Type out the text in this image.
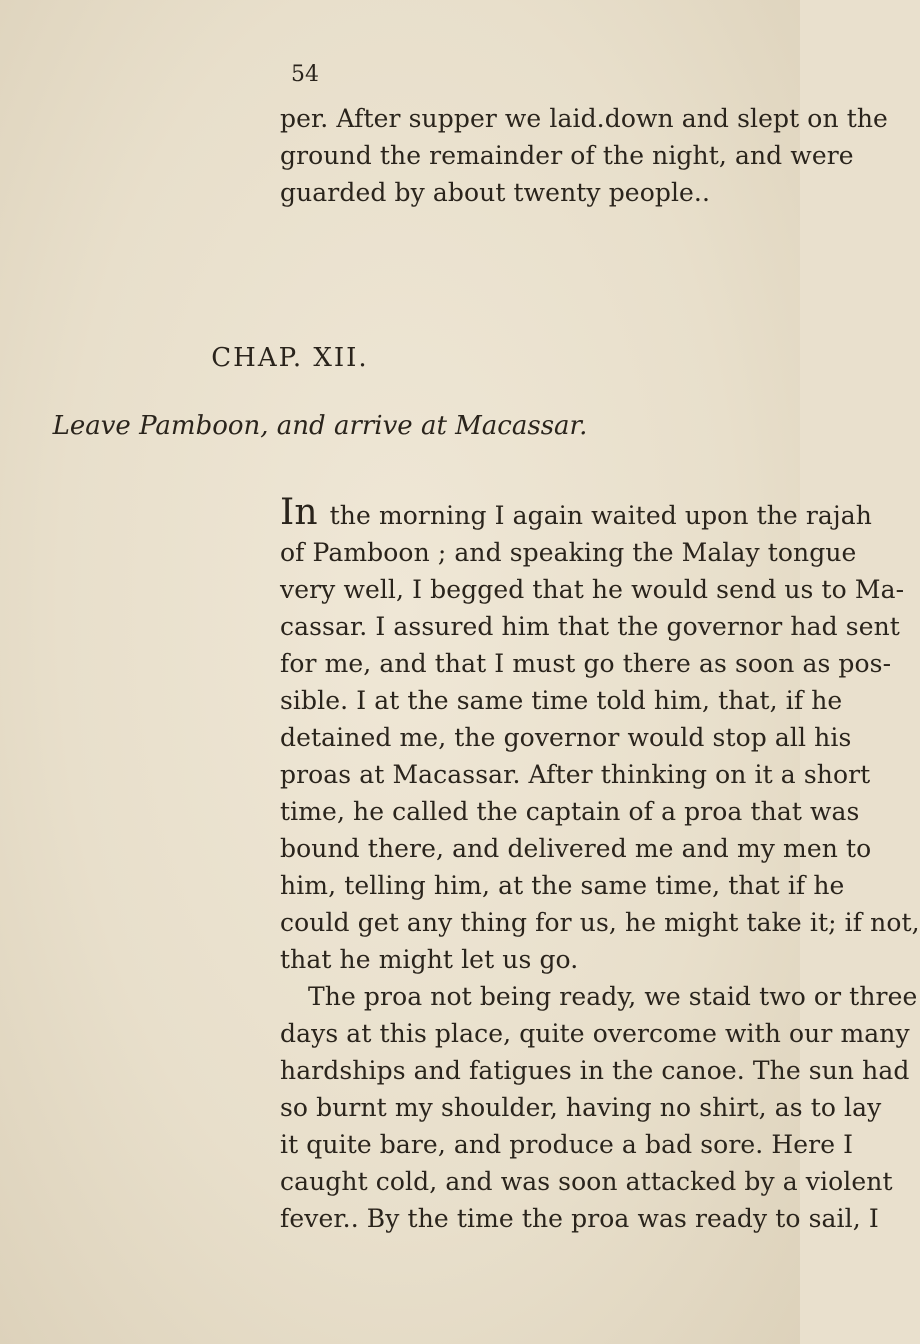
54
per. After supper we laid.down and slept on the
ground the remainder of the night, and were
guarded by about twenty people..
CHAP. XII.
Leave Pamboon, and arrive at Macassar.
In the morning I again waited upon the rajah
of Pamboon ; and speaking the Malay tongue
very well, I begged that he would send us to Ma-
cassar. I assured him that the governor had sent
for me, and that I must go there as soon as pos-
sible. I at the same time told him, that, if he
detained me, the governor would stop all his
proas at Macassar. After thinking on it a short
time, he called the captain of a proa that was
bound there, and delivered me and my men to
him, telling him, at the same time, that if he
could get any thing for us, he might take it; if not,
that he might let us go.
The proa not being ready, we staid two or three
days at this place, quite overcome with our many
hardships and fatigues in the canoe. The sun had
so burnt my shoulder, having no shirt, as to lay
it quite bare, and produce a bad sore. Here I
caught cold, and was soon attacked by a violent
fever.. By the time the proa was ready to sail, I
